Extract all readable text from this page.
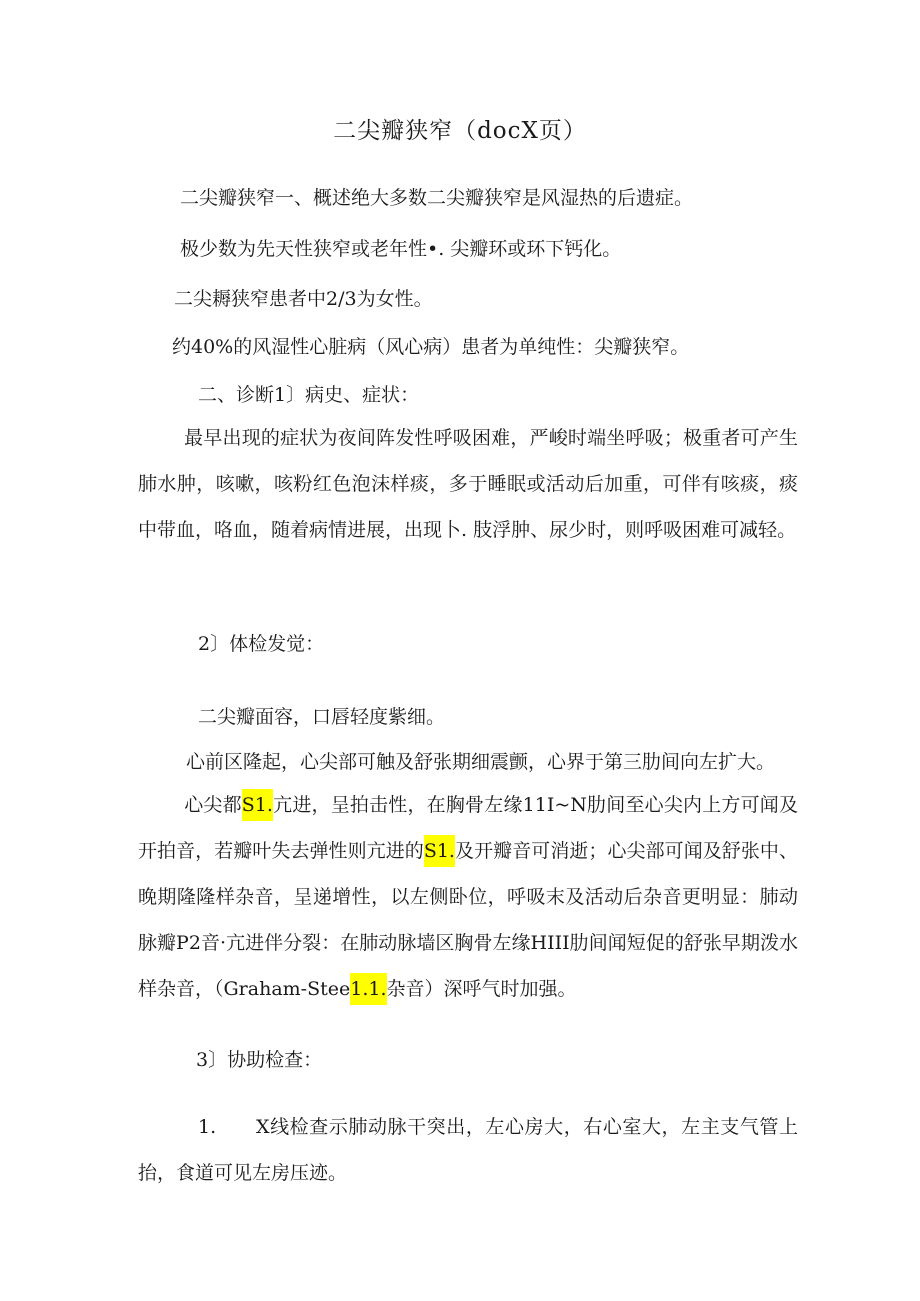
二尖瓣狭窄（docX页）
二尖瓣狭窄一、概述绝大多数二尖瓣狭窄是风湿热的后遗症。
极少数为先天性狭窄或老年性•. 尖瓣环或环下钙化。
二尖耨狭窄患者中2/3为女性。
约40%的风湿性心脏病（风心病）患者为单纯性：尖瓣狭窄。
二、诊断1〕病史、症状：
最早出现的症状为夜间阵发性呼吸困难，严峻时端坐呼吸；极重者可产生肺水肿，咳嗽，咳粉红色泡沫样痰，多于睡眠或活动后加重，可伴有咳痰，痰中带血，咯血，随着病情进展，出现卜. 肢浮肿、尿少时，则呼吸困难可减轻。
2〕体检发觉：
二尖瓣面容，口唇轻度紫细。
心前区隆起，心尖部可触及舒张期细震颤，心界于第三肋间向左扩大。
心尖都S1.亢进，呈拍击性，在胸骨左缘11I~N肋间至心尖内上方可闻及开拍音，若瓣叶失去弹性则亢进的S1.及开瓣音可消逝；心尖部可闻及舒张中、晚期隆隆样杂音，呈递增性，以左侧卧位，呼吸末及活动后杂音更明显：肺动脉瓣P2音·亢进伴分裂：在肺动脉墙区胸骨左缘HIII肋间闻短促的舒张早期泼水样杂音，（Graham-Stee1.1.杂音）深呼气时加强。
3〕协助检查：
1. X线检查示肺动脉干突出，左心房大，右心室大，左主支气管上抬，食道可见左房压迹。
